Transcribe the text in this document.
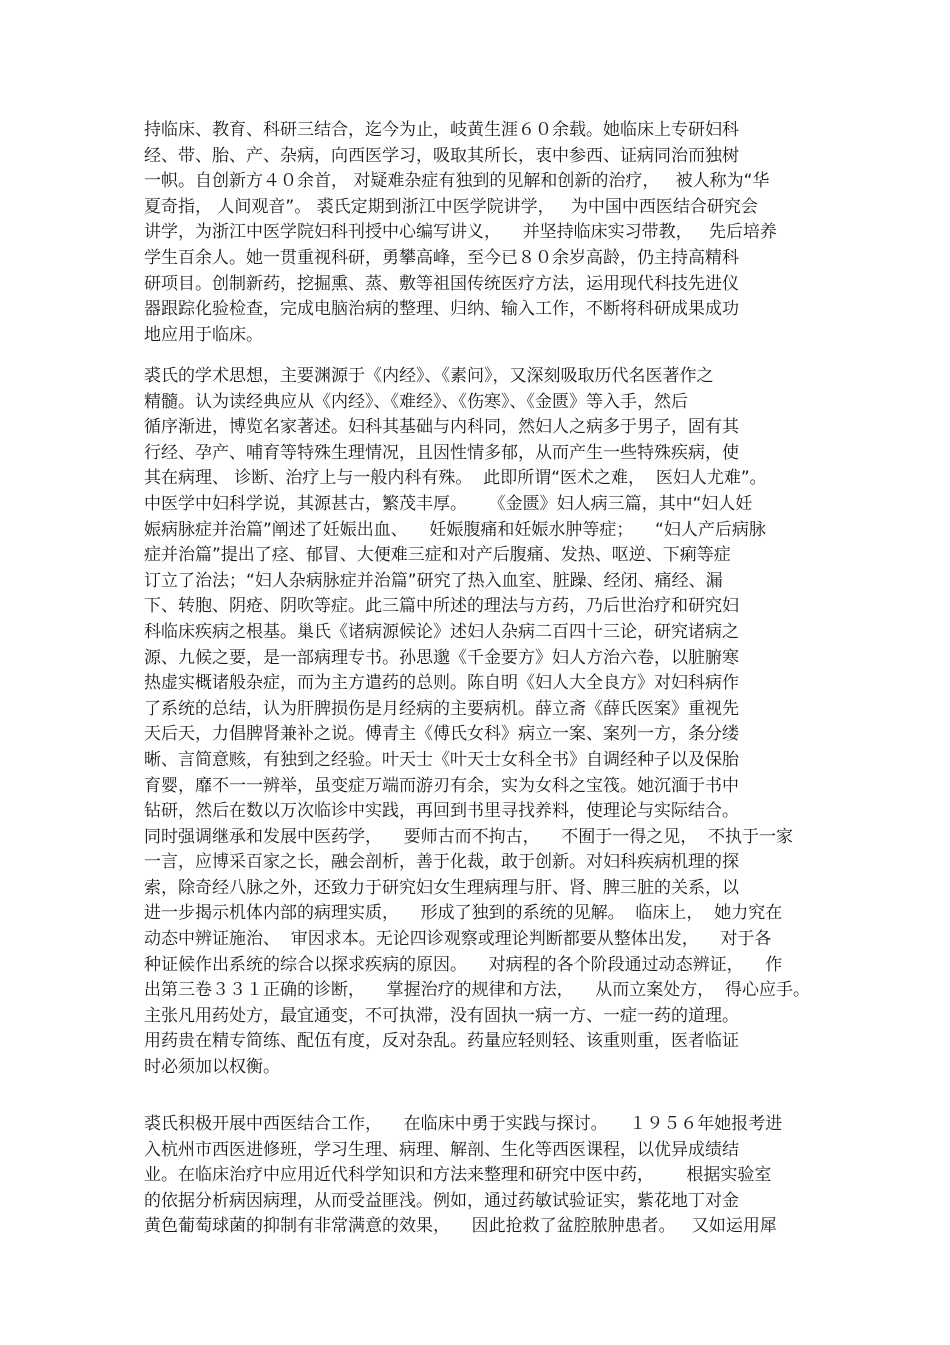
持临床、教育、科研三结合，迄今为止，岐黄生涯６０余载。她临床上专研妇科
经、带、胎、产、杂病，向西医学习，吸取其所长，衷中参西、证病同治而独树
一帜。自创新方４０余首， 对疑难杂症有独到的见解和创新的治疗，   被人称为“华
夏奇指， 人间观音”。 裘氏定期到浙江中医学院讲学，   为中国中西医结合研究会
讲学，为浙江中医学院妇科刊授中心编写讲义，    并坚持临床实习带教，   先后培养
学生百余人。她一贯重视科研，勇攀高峰，至今已８０余岁高龄，仍主持高精科
研项目。创制新药，挖掘熏、蒸、敷等祖国传统医疗方法，运用现代科技先进仪
器跟踪化验检查，完成电脑治病的整理、归纳、输入工作，不断将科研成果成功
地应用于临床。
裘氏的学术思想，主要渊源于《内经》、《素问》，又深刻吸取历代名医著作之
精髓。认为读经典应从《内经》、《难经》、《伤寒》、《金匮》等入手，然后
循序渐进，博览名家著述。妇科其基础与内科同，然妇人之病多于男子，固有其
行经、孕产、哺育等特殊生理情况，且因性情多郁，从而产生一些特殊疾病，使
其在病理、 诊断、治疗上与一般内科有殊。  此即所谓“医术之难，  医妇人尤难”。
中医学中妇科学说，其源甚古，繁茂丰厚。    《金匮》妇人病三篇，其中“妇人妊
娠病脉症并治篇”阐述了妊娠出血、    妊娠腹痛和妊娠水肿等症；    “妇人产后病脉
症并治篇”提出了痉、郁冒、大便难三症和对产后腹痛、发热、呕逆、下痢等症
订立了治法；“妇人杂病脉症并治篇”研究了热入血室、脏躁、经闭、痛经、漏
下、转胞、阴疮、阴吹等症。此三篇中所述的理法与方药，乃后世治疗和研究妇
科临床疾病之根基。巢氏《诸病源候论》述妇人杂病二百四十三论，研究诸病之
源、九候之要，是一部病理专书。孙思邈《千金要方》妇人方治六卷，以脏腑寒
热虚实概诸般杂症，而为主方遣药的总则。陈自明《妇人大全良方》对妇科病作
了系统的总结，认为肝脾损伤是月经病的主要病机。薛立斋《薛氏医案》重视先
天后天，力倡脾肾兼补之说。傅青主《傅氏女科》病立一案、案列一方，条分缕
晰、言简意赅，有独到之经验。叶天士《叶天士女科全书》自调经种子以及保胎
育婴，靡不一一辨举，虽变症万端而游刃有余，实为女科之宝筏。她沉湎于书中
钻研，然后在数以万次临诊中实践，再回到书里寻找养料，使理论与实际结合。
同时强调继承和发展中医药学，    要师古而不拘古，    不囿于一得之见，  不执于一家
一言，应博采百家之长，融会剖析，善于化裁，敢于创新。对妇科疾病机理的探
索，除奇经八脉之外，还致力于研究妇女生理病理与肝、肾、脾三脏的关系，以
进一步揭示机体内部的病理实质，    形成了独到的系统的见解。  临床上，  她力究在
动态中辨证施治、  审因求本。无论四诊观察或理论判断都要从整体出发，    对于各
种证候作出系统的综合以探求疾病的原因。    对病程的各个阶段通过动态辨证，    作
出第三卷３３１正确的诊断，    掌握治疗的规律和方法，    从而立案处方，  得心应手。
主张凡用药处方，最宜通变，不可执滞，没有固执一病一方、一症一药的道理。
用药贵在精专简练、配伍有度，反对杂乱。药量应轻则轻、该重则重，医者临证
时必须加以权衡。
裘氏积极开展中西医结合工作，    在临床中勇于实践与探讨。    １９５６年她报考进
入杭州市西医进修班，学习生理、病理、解剖、生化等西医课程，以优异成绩结
业。在临床治疗中应用近代科学知识和方法来整理和研究中医中药，      根据实验室
的依据分析病因病理，从而受益匪浅。例如，通过药敏试验证实，紫花地丁对金
黄色葡萄球菌的抑制有非常满意的效果，    因此抢救了盆腔脓肿患者。   又如运用犀
